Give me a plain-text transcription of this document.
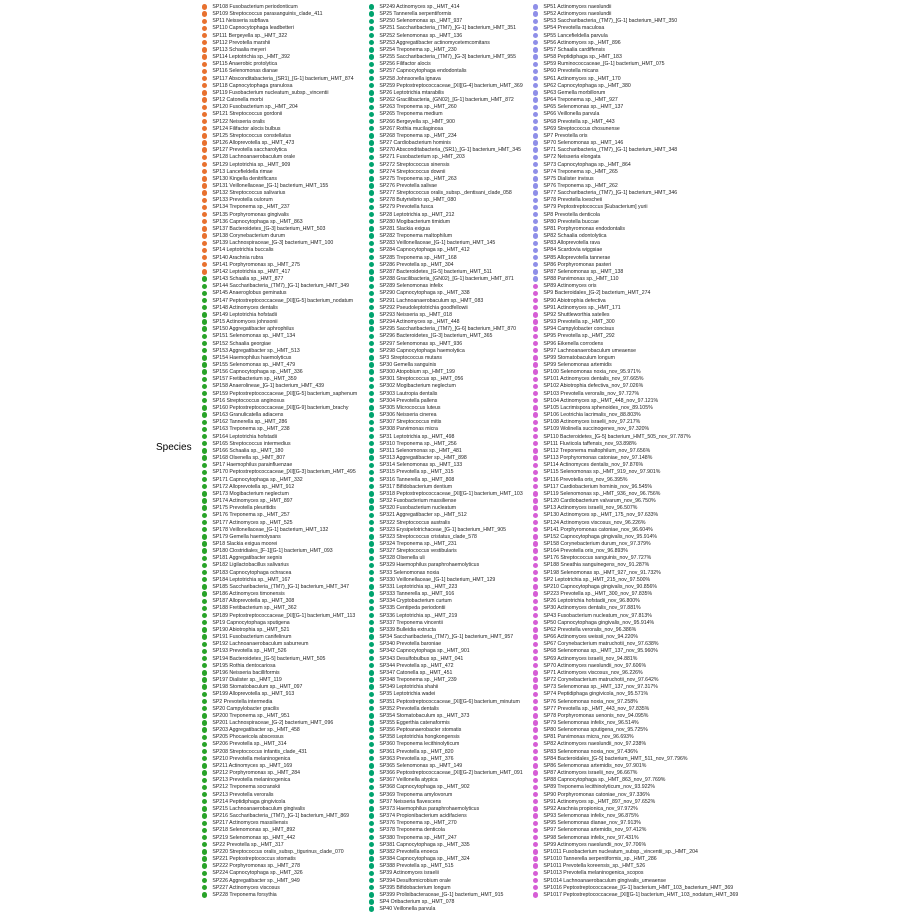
Species
SP108 Fusobacterium periodonticum
SP109 Streptococcus parasanguinis_clade_411
SP11 Neisseria subflava
SP110 Capnocytophaga leadbetteri
SP111 Bergeyella sp._HMT_322
SP112 Prevotella marshii
SP113 Schaalia meyeri
SP114 Leptotrichia sp._HMT_392
SP115 Anaerobic protolytica
SP116 Selenomonas dianae
SP117 Absconditabacteria_(SR1)_[G-1] bacterium_HMT_874
SP118 Capnocytophaga granulosa
SP119 Fusobacterium nucleatum_subsp._vincentii
SP12 Catonella morbi
SP120 Fusobacterium sp._HMT_204
SP121 Streptococcus gordonii
SP122 Neisseria oralis
SP124 Filifactor alocis bulbus
SP125 Streptococcus constellatus
SP126 Alloprevotella sp._HMT_473
SP127 Prevotella saccharolytica
SP128 Lachnoanaerobaculum orale
SP129 Leptotrichia sp._HMT_909
SP13 Lancefieldella rimae
SP130 Kingella denitrificans
SP131 Veillonellaceae_[G-1] bacterium_HMT_155
SP132 Streptococcus salivarius
SP133 Prevotella oulorum
SP134 Treponema sp._HMT_237
SP135 Porphyromonas gingivalis
SP136 Capnocytophaga sp._HMT_863
SP137 Bacteroidetes_[G-3] bacterium_HMT_503
SP138 Corynebacterium durum
SP139 Lachnospiraceae_[G-3] bacterium_HMT_100
SP14 Leptotrichia buccalis
SP140 Arachnia rubra
SP141 Porphyromonas sp._HMT_275
SP142 Leptotrichia sp._HMT_417
SP143 Schaalia sp._HMT_877
SP144 Saccharibacteria_(TM7)_[G-1] bacterium_HMT_349
SP145 Anaeroglobus geminatus
SP147 Peptostreptococcaceae_[XI][G-5] bacterium_nodatum
SP148 Actinomyces dentalis
SP149 Leptotrichia hofstadii
SP15 Actinomyces johnsonii
SP150 Aggregatibacter aphrophilus
SP151 Selenomonas sp._HMT_134
SP152 Schaalia georgiae
SP153 Aggregatibacter sp._HMT_513
SP154 Haemophilus haemolyticus
SP155 Selenomonas sp._HMT_479
SP156 Capnocytophaga sp._HMT_336
SP157 Fretibacterium sp._HMT_359
SP158 Anaerolineae_[G-1] bacterium_HMT_439
SP159 Peptostreptococcaceae_[XI][G-5] bacterium_saphenum
SP16 Streptococcus anginosus
SP160 Peptostreptococcaceae_[XI][G-9] bacterium_brachy
SP163 Granulicatella adiacens
SP162 Tannerella sp._HMT_286
SP163 Treponema sp._HMT_238
SP164 Leptotrichia hofstadii
SP165 Streptococcus intermedius
SP166 Schaalia sp._HMT_180
SP168 Olsenella sp._HMT_807
SP17 Haemophilus parainfluenzae
SP170 Peptostreptococcaceae_[XI][G-3] bacterium_HMT_495
SP171 Capnocytophaga sp._HMT_332
SP172 Alloprevotella sp._HMT_912
SP173 Mogibacterium neglectum
SP174 Actinomyces sp._HMT_897
SP175 Prevotella pleuritidis
SP176 Treponema sp._HMT_257
SP177 Actinomyces sp._HMT_525
SP178 Veillonellaceae_[G-1] bacterium_HMT_132
SP179 Gemella haemolysans
SP18 Slackia exigua moorei
SP180 Clostridiales_[F-1][G-1] bacterium_HMT_093
SP181 Aggregatibacter segnis
SP182 Ligilactobacillus salivarius
SP183 Capnocytophaga ochracea
SP184 Leptotrichia sp._HMT_167
SP185 Saccharibacteria_(TM7)_[G-1] bacterium_HMT_347
SP186 Actinomyces timonensis
SP187 Alloprevotella sp._HMT_308
SP188 Fretibacterium sp._HMT_362
SP189 Peptostreptococcaceae_[XI][G-1] bacterium_HMT_113
SP19 Capnocytophaga sputigena
SP190 Abiotrophia sp._HMT_521
SP191 Fusobacterium canifelinum
SP192 Lachnoanaerobaculum saburreum
SP193 Prevotella sp._HMT_526
SP194 Bacteroidetes_[G-5] bacterium_HMT_505
SP195 Rothia dentocariosa
SP196 Neisseria bacilliformis
SP197 Dialister sp._HMT_119
SP198 Stomatobaculum sp._HMT_097
SP199 Alloprevotella sp._HMT_913
SP2 Prevotella intermedia
SP20 Campylobacter gracilis
SP200 Treponema sp._HMT_951
SP201 Lachnospiraceae_[G-2] bacterium_HMT_096
SP203 Aggregatibacter sp._HMT_458
SP205 Phocaeicola abscessus
SP206 Prevotella sp._HMT_314
SP208 Streptococcus infantis_clade_431
SP210 Prevotella melaninogenica
SP211 Actinomyces sp._HMT_169
SP212 Porphyromonas sp._HMT_284
SP213 Prevotella melaninogenica
SP212 Treponema socranskii
SP213 Prevotella veroralis
SP214 Peptidiphaga gingivicola
SP215 Lachnoanaerobaculum gingivalis
SP216 Saccharibacteria_(TM7)_[G-1] bacterium_HMT_869
SP217 Actinomyces massiliensis
SP218 Selenomonas sp._HMT_892
SP219 Selenomonas sp._HMT_442
SP22 Prevotella sp._HMT_317
SP220 Streptococcus oralis_subsp._tigurinus_clade_070
SP221 Peptostreptococcus stomatis
SP222 Porphyromonas sp._HMT_278
SP224 Capnocytophaga sp._HMT_326
SP226 Aggregatibacter sp._HMT_949
SP227 Actinomyces viscosus
SP228 Treponema forsythia
SP249 Actinomyces sp._HMT_414
SP25 Tannerella serpentiformis
SP250 Selenomonas sp._HMT_937
SP251 Saccharibacteria_(TM7)_[G-1] bacterium_HMT_351
SP252 Selenomonas sp._HMT_136
SP253 Aggregatibacter actinomycetemcomitans
SP254 Treponema sp._HMT_230
SP255 Saccharibacteria_(TM7)_[G-3] bacterium_HMT_955
SP256 Filifactor alocis
SP257 Capnocytophaga endodontalis
SP258 Johnsonella ignava
SP259 Peptostreptococcaceae_[XI][G-4] bacterium_HMT_369
SP26 Leptotrichia mtarabilis
SP262 Gracilibacteria_(GN02)_[G-1] bacterium_HMT_872
SP263 Treponema sp._HMT_260
SP265 Treponema medium
SP266 Bergeyella sp._HMT_900
SP267 Rothia mucilaginosa
SP268 Treponema sp._HMT_234
SP27 Cardiobacterium hominis
SP270 Absconditabacteria_(SR1)_[G-1] bacterium_HMT_345
SP271 Fusobacterium sp._HMT_203
SP272 Streptococcus sinensis
SP274 Streptococcus downii
SP275 Treponema sp._HMT_263
SP276 Prevotella salivae
SP277 Streptococcus oralis_subsp._dentisani_clade_058
SP278 Butyrivibrio sp._HMT_080
SP279 Prevotella fusca
SP28 Leptotrichia sp._HMT_212
SP280 Mogibacterium timidum
SP281 Slackia exigua
SP282 Treponema maltophilum
SP283 Veillonellaceae_[G-1] bacterium_HMT_145
SP284 Capnocytophaga sp._HMT_412
SP285 Treponema sp._HMT_168
SP286 Prevotella sp._HMT_304
SP287 Bacteroidetes_[G-5] bacterium_HMT_511
SP288 Gracilibacteria_(GN02)_[G-1] bacterium_HMT_871
SP289 Selenomonas infelix
SP290 Capnocytophaga sp._HMT_338
SP291 Lachnoanaerobaculum sp._HMT_083
SP292 Pseudoleptotrichia goodfellowii
SP293 Neisseria sp._HMT_018
SP294 Actinomyces sp._HMT_448
SP295 Saccharibacteria_(TM7)_[G-6] bacterium_HMT_870
SP296 Bacteroidetes_[G-3] bacterium_HMT_365
SP297 Selenomonas sp._HMT_936
SP298 Capnocytophaga haemolytica
SP3 Streptococcus mutans
SP30 Gemella sanguinis
SP300 Atopobium sp._HMT_199
SP301 Streptococcus sp._HMT_056
SP302 Mogibacterium neglectum
SP303 Lautropia dentalis
SP304 Prevotella pallens
SP305 Micrococcus luteus
SP306 Neisseria cinerea
SP307 Streptococcus mitis
SP308 Parvimonas micra
SP31 Leptotrichia sp._HMT_498
SP310 Treponema sp._HMT_256
SP311 Selenomonas sp._HMT_481
SP313 Aggregatibacter sp._HMT_898
SP314 Selenomonas sp._HMT_133
SP315 Prevotella sp._HMT_315
SP316 Tannerella sp._HMT_808
SP317 Bifidobacterium dentium
SP318 Peptostreptococcaceae_[XI][G-1] bacterium_HMT_103
SP32 Fusobacterium massiliense
SP320 Fusobacterium nucleatum
SP321 Aggregatibacter sp._HMT_512
SP322 Streptococcus australis
SP323 Erysipelotrichaceae_[G-1] bacterium_HMT_905
SP323 Streptococcus cristatus_clade_578
SP324 Treponema sp._HMT_231
SP327 Streptococcus vestibularis
SP328 Olsenella uli
SP329 Haemophilus paraphrohaemolyticus
SP33 Selenomonas noxia
SP330 Veillonellaceae_[G-1] bacterium_HMT_129
SP331 Leptotrichia sp._HMT_223
SP333 Tannerella sp._HMT_916
SP334 Cryptobacterium curtum
SP335 Centipeda periodontii
SP336 Leptotrichia sp._HMT_219
SP337 Treponema vincentii
SP339 Bulleidia extructa
SP34 Saccharibacteria_(TM7)_[G-1] bacterium_HMT_957
SP340 Prevotella baroniae
SP342 Capnocytophaga sp._HMT_901
SP343 Desulfobulbus sp._HMT_041
SP344 Prevotella sp._HMT_472
SP347 Catonella sp._HMT_451
SP348 Treponema sp._HMT_239
SP349 Leptotrichia shahii
SP35 Leptotrichia wadei
SP351 Peptostreptococcaceae_[XI][G-6] bacterium_minutum
SP352 Prevotella dentalis
SP354 Stomatobaculum sp._HMT_373
SP355 Eggerthia catenaformis
SP356 Peptoanaerobacter stomatis
SP358 Leptotrichia hongkongensis
SP360 Treponema lecithinolyticum
SP361 Prevotella sp._HMT_820
SP363 Prevotella sp._HMT_376
SP365 Selenomonas sp._HMT_149
SP366 Peptostreptococcaceae_[XI][G-2] bacterium_HMT_091
SP367 Veillonella atypica
SP368 Capnocytophaga sp._HMT_902
SP369 Treponema amylovorum
SP37 Neisseria flavescens
SP373 Haemophilus paraphrohaemolyticus
SP374 Propionibacterium acidifaciens
SP376 Treponema sp._HMT_270
SP378 Treponema denticola
SP380 Treponema sp._HMT_247
SP381 Capnocytophaga sp._HMT_335
SP382 Prevotella enoeca
SP384 Capnocytophaga sp._HMT_324
SP388 Prevotella sp._HMT_515
SP39 Actinomyces israelii
SP394 Desulfomicrobium orale
SP395 Bifidobacterium longum
SP399 Prolixibacteraceae_[G-1] bacterium_HMT_915
SP4 Oribacterium sp._HMT_078
SP40 Veillonella parvula
SP51 Actinomyces naeslundii
SP52 Actinomyces naeslundii
SP53 Saccharibacteria_(TM7)_[G-1] bacterium_HMT_350
SP54 Prevotella maculosa
SP55 Lancefieldella parvula
SP56 Actinomyces sp._HMT_896
SP57 Schaalia cardiffensis
SP58 Peptidiphaga sp._HMT_183
SP59 Ruminococcaceae_[G-1] bacterium_HMT_075
SP60 Prevotella micans
SP61 Actinomyces sp._HMT_170
SP62 Capnocytophaga sp._HMT_380
SP63 Gemella morbillorum
SP64 Treponema sp._HMT_927
SP65 Selenomonas sp._HMT_137
SP66 Veillonella parvula
SP68 Prevotella sp._HMT_443
SP69 Streptococcus chosunense
SP7 Prevotella oris
SP70 Selenomonas sp._HMT_146
SP71 Saccharibacteria_(TM7)_[G-1] bacterium_HMT_348
SP72 Neisseria elongata
SP73 Capnocytophaga sp._HMT_864
SP74 Treponema sp._HMT_265
SP75 Dialister invisus
SP76 Treponema sp._HMT_262
SP77 Saccharibacteria_(TM7)_[G-1] bacterium_HMT_346
SP78 Prevotella loescheii
SP79 Peptostreptococcus [Eubacterium] yurii
SP8 Prevotella denticola
SP80 Prevotella buccae
SP81 Porphyromonas endodontalis
SP82 Schaalia odontolytica
SP83 Alloprevotella rava
SP84 Scardovia wiggsiae
SP85 Alloprevotella tannerae
SP86 Porphyromonas pasteri
SP87 Selenomonas sp._HMT_138
SP88 Parvimonas sp._HMT_110
SP89 Actinomyces oris
SP9 Bacteroidales_[G-2] bacterium_HMT_274
SP90 Abiotrophia defectiva
SP91 Actinomyces sp._HMT_171
SP92 Shuttleworthia satelles
SP93 Prevotella sp._HMT_300
SP94 Campylobacter concisus
SP95 Prevotella sp._HMT_292
SP96 Eikenella corrodens
SP97 Lachnoanaerobaculum umeaense
SP99 Stomatobaculum longum
SP99 Selenomonas artemidis
SP100 Selenomonas noxia_nov_95.971%
SP101 Actinomyces dentalis_nov_97.665%
SP102 Abiotrophia defectiva_nov_97.026%
SP103 Prevotella veroralis_nov_97.727%
SP104 Actinomyces sp._HMT_448_nov_97.121%
SP105 Lacrimispora sphenoides_nov_89.105%
SP106 Leotrichia lacrimalis_nov_88.803%
SP108 Actinomyces israelii_nov_97.217%
SP109 Wolinella succinogenes_nov_97.320%
SP110 Bacteroidetes_[G-5] bacterium_HMT_505_nov_97.787%
SP111 Fluviicola taffensis_nov_93.898%
SP112 Treponema maltophilum_nov_97.656%
SP113 Porphyromonas catoniae_nov_97.148%
SP114 Actinomyces dentalis_nov_97.876%
SP115 Selenomonas sp._HMT_919_nov_97.901%
SP116 Prevotella oris_nov_96.395%
SP117 Cardiobacterium hominis_nov_96.545%
SP119 Selenomonas sp._HMT_936_nov_96.756%
SP120 Cardiobacterium valvarum_nov_96.750%
SP13 Actinomyces israelii_nov_96.507%
SP130 Actinomyces sp._HMT_175_nov_97.633%
SP124 Actinomyces viscosus_nov_96.226%
SP141 Porphyromonas catoniae_nov_96.604%
SP152 Capnocytophaga gingivalis_nov_95.914%
SP158 Corynebacterium durum_nov_97.379%
SP164 Prevotella oris_nov_96.893%
SP176 Streptococcus sanguinis_nov_97.727%
SP188 Sneathia sanguinegens_nov_91.287%
SP198 Selenomonas sp._HMT_927_nov_91.732%
SP2 Leptotrichia sp._HMT_215_nov_97.500%
SP210 Capnocytophaga gingivalis_nov_90.856%
SP223 Prevotella sp._HMT_300_nov_97.835%
SP26 Leptotrichia hofstadii_nov_96.800%
SP30 Actinomyces dentalis_nov_97.881%
SP43 Fusobacterium nucleatum_nov_97.813%
SP50 Capnocytophaga gingivalis_nov_95.914%
SP62 Prevotella veroralis_nov_96.386%
SP66 Actinomyces weissii_nov_94.220%
SP67 Corynebacterium matruchotii_nov_97.638%
SP68 Selenomonas sp._HMT_137_nov_95.960%
SP69 Actinomyces israelii_nov_94.881%
SP70 Actinomyces naeslundii_nov_97.606%
SP71 Actinomyces viscosus_nov_96.226%
SP72 Corynebacterium matruchotii_nov_97.642%
SP73 Selenomonas sp._HMT_137_nov_97.317%
SP74 Peptidiphaga gingivicola_nov_95.571%
SP76 Selenomonas noxia_nov_97.258%
SP77 Prevotella sp._HMT_443_nov_97.835%
SP78 Porphyromonas uenonis_nov_94.095%
SP79 Selenomonas infelix_nov_96.514%
SP80 Selenomonas sputigena_nov_95.725%
SP81 Parvimonas micra_nov_96.693%
SP82 Actinomyces naeslundii_nov_97.238%
SP83 Selenomonas noxia_nov_97.436%
SP84 Bacteroidales_[G-5] bacterium_HMT_511_nov_97.796%
SP86 Selenomonas artemidis_nov_97.901%
SP87 Actinomyces israelii_nov_96.667%
SP88 Capnocytophaga sp._HMT_863_nov_97.769%
SP89 Treponema lecithinolyticum_nov_93.922%
SP90 Porphyromonas catoniae_nov_97.336%
SP91 Actinomyces sp._HMT_897_nov_97.652%
SP92 Arachnia propionica_nov_97.972%
SP93 Selenomonas infelix_nov_96.875%
SP95 Selenomonas dianae_nov_97.913%
SP97 Selenomonas artemidis_nov_97.412%
SP98 Selenomonas infelix_nov_97.431%
SP99 Actinomyces naeslundii_nov_97.706%
SP1011 Fusobacterium nucleatum_subsp._vincentii_sp._HMT_204
SP1010 Tannerella serpentiformis_sp._HMT_286
SP1011 Prevotella koreensis_sp._HMT_526
SP1013 Prevotella melaninogenica_scopos
SP1014 Lachnoanaerobaculum gingivalis_umeaense
SP1016 Peptostreptococcaceae_[G-1] bacterium_HMT_103_bacterium_HMT_369
SP1017 Peptostreptococcaceae_[XI][G-1] bacterium_HMT_103_nodatum_HMT_369
